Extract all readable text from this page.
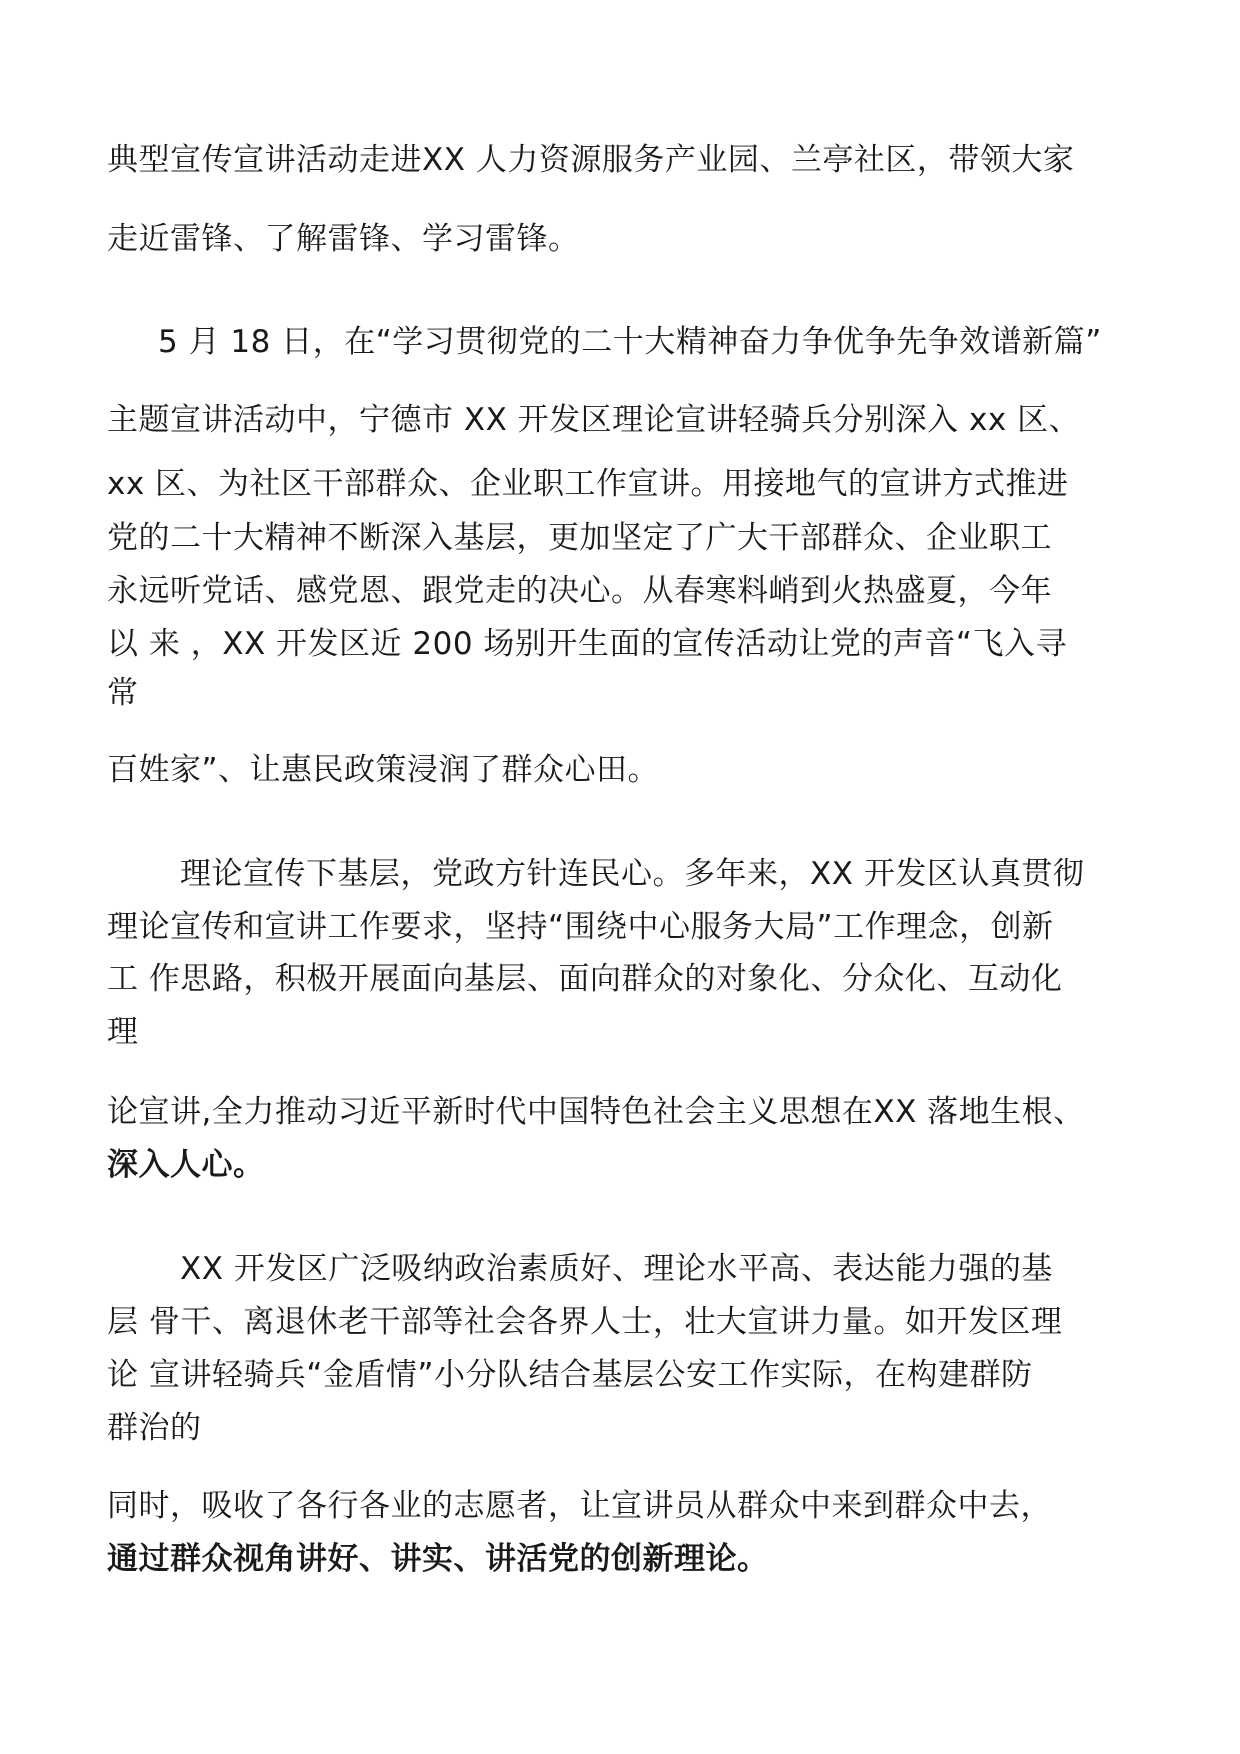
典型宣传宣讲活动走进ⅩⅩ 人力资源服务产业园、兰亭社区，带领大家
走近雷锋、了解雷锋、学习雷锋。
5 月 18 日，在“学习贯彻党的二十大精神奋力争优争先争效谱新篇”
主题宣讲活动中，宁德市 XX 开发区理论宣讲轻骑兵分别深入 xx 区、
xx 区、为社区干部群众、企业职工作宣讲。用接地气的宣讲方式推进
党的二十大精神不断深入基层，更加坚定了广大干部群众、企业职工
永远听党话、感党恩、跟党走的决心。从春寒料峭到火热盛夏，今年
以 来 ，XX 开发区近 200 场别开生面的宣传活动让党的声音“飞入寻
常
百姓家”、让惠民政策浸润了群众心田。
理论宣传下基层，党政方针连民心。多年来，ⅩⅩ 开发区认真贯彻
理论宣传和宣讲工作要求，坚持“围绕中心服务大局”工作理念，创新
工 作思路，积极开展面向基层、面向群众的对象化、分众化、互动化
理
论宣讲,全力推动习近平新时代中国特色社会主义思想在ⅩⅩ 落地生根、
深入人心。
XX 开发区广泛吸纳政治素质好、理论水平高、表达能力强的基
层 骨干、离退休老干部等社会各界人士，壮大宣讲力量。如开发区理
论 宣讲轻骑兵“金盾情”小分队结合基层公安工作实际，在构建群防
群治的
同时，吸收了各行各业的志愿者，让宣讲员从群众中来到群众中去，
通过群众视角讲好、讲实、讲活党的创新理论。
